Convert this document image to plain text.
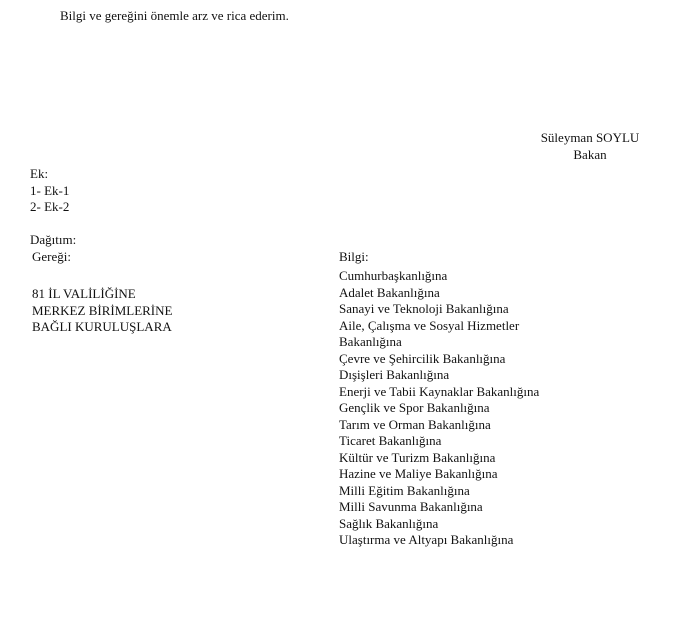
Bilgi ve gereğini önemle arz ve rica ederim.
Süleyman SOYLU
Bakan
Ek:
1- Ek-1
2- Ek-2
Dağıtım:
Gereği:
81 İL VALİLİĞİNE
MERKEZ BİRİMLERİNE
BAĞLI KURULUŞLARA
Bilgi:
Cumhurbaşkanlığına
Adalet Bakanlığına
Sanayi ve Teknoloji Bakanlığına
Aile, Çalışma ve Sosyal Hizmetler
Bakanlığına
Çevre ve Şehircilik Bakanlığına
Dışişleri Bakanlığına
Enerji ve Tabii Kaynaklar Bakanlığına
Gençlik ve Spor Bakanlığına
Tarım ve Orman Bakanlığına
Ticaret Bakanlığına
Kültür ve Turizm Bakanlığına
Hazine ve Maliye Bakanlığına
Milli Eğitim Bakanlığına
Milli Savunma Bakanlığına
Sağlık Bakanlığına
Ulaştırma ve Altyapı Bakanlığına
